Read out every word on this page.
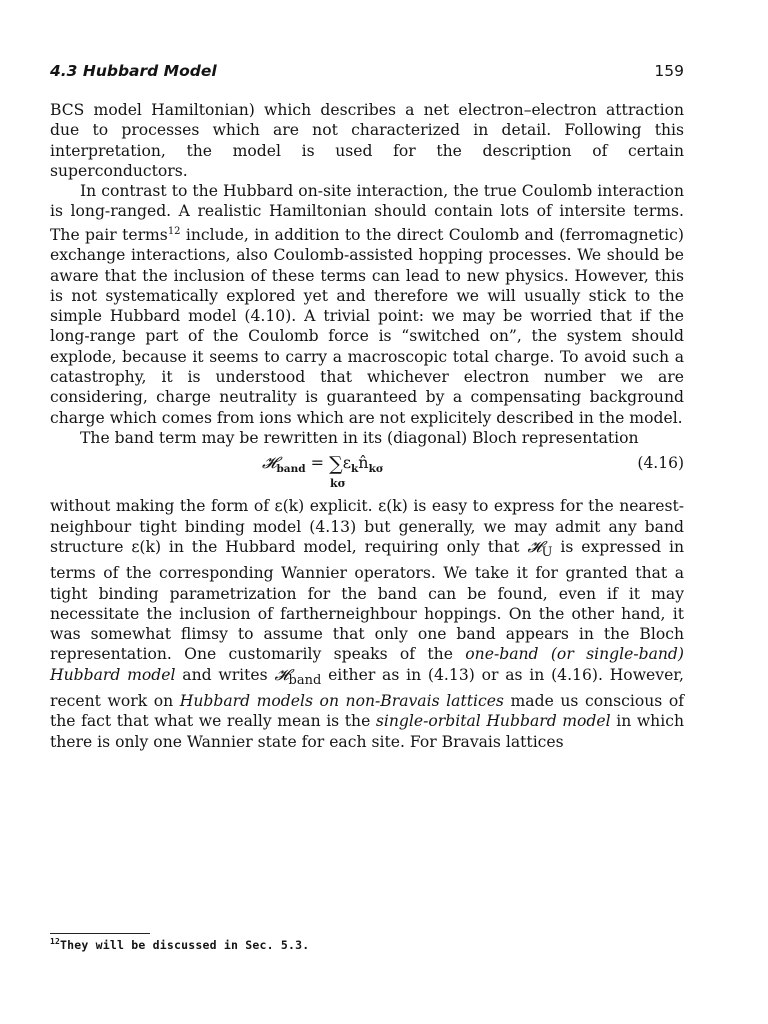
4.3 Hubbard Model	159

BCS model Hamiltonian) which describes a net electron–electron attraction due to processes which are not characterized in detail. Following this interpretation, the model is used for the description of certain superconductors.

In contrast to the Hubbard on-site interaction, the true Coulomb interaction is long-ranged. A realistic Hamiltonian should contain lots of intersite terms. The pair terms$^{12}$ include, in addition to the direct Coulomb and (ferromagnetic) exchange interactions, also Coulomb-assisted hopping processes. We should be aware that the inclusion of these terms can lead to new physics. However, this is not systematically explored yet and therefore we will usually stick to the simple Hubbard model (4.10). A trivial point: we may be worried that if the long-range part of the Coulomb force is “switched on”, the system should explode, because it seems to carry a macroscopic total charge. To avoid such a catastrophy, it is understood that whichever electron number we are considering, charge neutrality is guaranteed by a compensating background charge which comes from ions which are not explicitely described in the model.

The band term may be rewritten in its (diagonal) Bloch representation

𝓗$_{band}$ = $\sum\varepsilon_kn̂_{k\sigma}$
kσ
(4.16)

without making the form of ε(k) explicit. ε(k) is easy to express for the nearest-neighbour tight binding model (4.13) but generally, we may admit any band structure ε(k) in the Hubbard model, requiring only that 𝓗$_U$ is expressed in terms of the corresponding Wannier operators. We take it for granted that a tight binding parametrization for the band can be found, even if it may necessitate the inclusion of fartherneighbour hoppings. On the other hand, it was somewhat flimsy to assume that only one band appears in the Bloch representation. One customarily speaks of the one-band (or single-band) Hubbard model and writes 𝓗$_{band}$ either as in (4.13) or as in (4.16). However, recent work on Hubbard models on non-Bravais lattices made us conscious of the fact that what we really mean is the single-orbital Hubbard model in which there is only one Wannier state for each site. For Bravais lattices

$^{12}$They will be discussed in Sec. 5.3.
